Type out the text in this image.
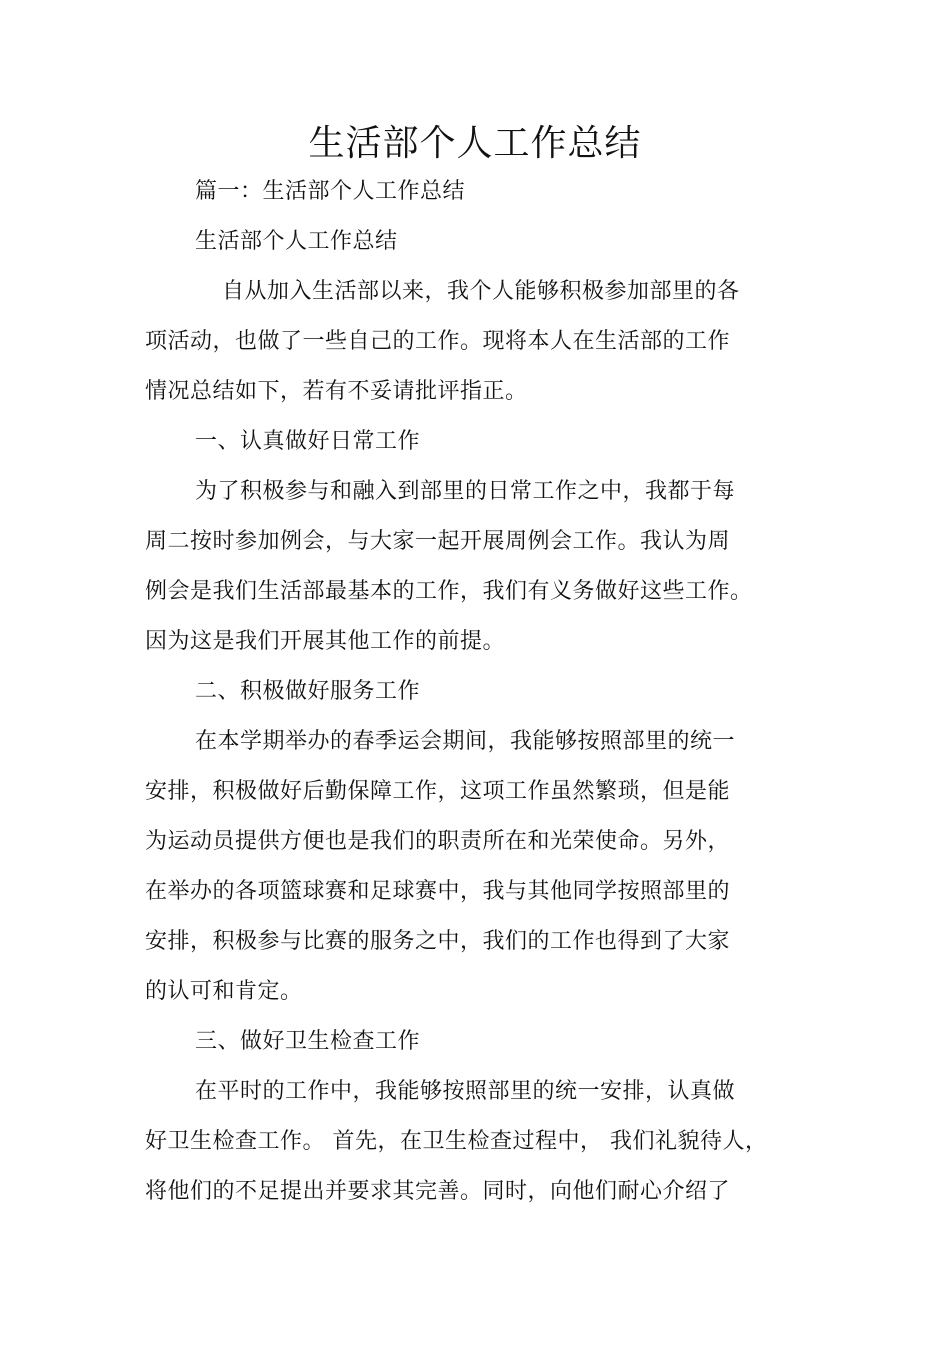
生活部个人工作总结

篇一：生活部个人工作总结

生活部个人工作总结

自从加入生活部以来，我个人能够积极参加部里的各

项活动，也做了一些自己的工作。现将本人在生活部的工作

情况总结如下，若有不妥请批评指正。

一、认真做好日常工作

为了积极参与和融入到部里的日常工作之中，我都于每

周二按时参加例会，与大家一起开展周例会工作。我认为周

例会是我们生活部最基本的工作，我们有义务做好这些工作。

因为这是我们开展其他工作的前提。

二、积极做好服务工作

在本学期举办的春季运会期间，我能够按照部里的统一

安排，积极做好后勤保障工作，这项工作虽然繁琐，但是能

为运动员提供方便也是我们的职责所在和光荣使命。另外，

在举办的各项篮球赛和足球赛中，我与其他同学按照部里的

安排，积极参与比赛的服务之中，我们的工作也得到了大家

的认可和肯定。

三、做好卫生检查工作

在平时的工作中，我能够按照部里的统一安排，认真做

好卫生检查工作。 首先，在卫生检查过程中， 我们礼貌待人，

将他们的不足提出并要求其完善。同时，向他们耐心介绍了
